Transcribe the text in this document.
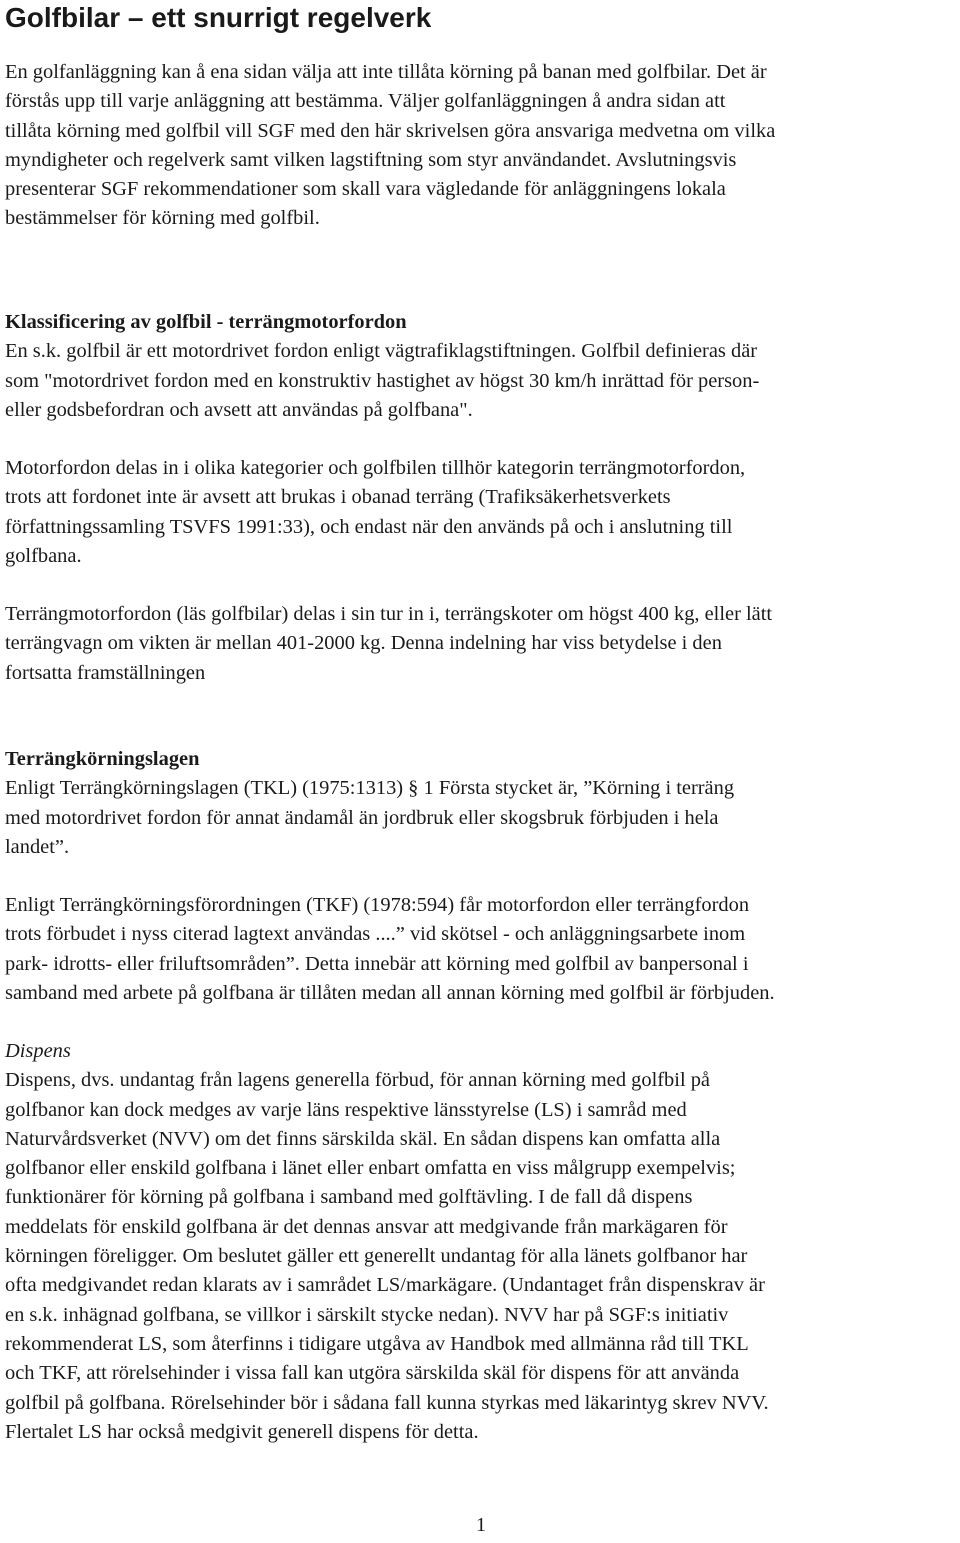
Golfbilar – ett snurrigt regelverk
En golfanläggning kan å ena sidan välja att inte tillåta körning på banan med golfbilar. Det är
förstås upp till varje anläggning att bestämma. Väljer golfanläggningen å andra sidan att
tillåta körning med golfbil vill SGF med den här skrivelsen göra ansvariga medvetna om vilka
myndigheter och regelverk samt vilken lagstiftning som styr användandet. Avslutningsvis
presenterar SGF rekommendationer som skall vara vägledande för anläggningens lokala
bestämmelser för körning med golfbil.
Klassificering av golfbil - terrängmotorfordon
En s.k. golfbil är ett motordrivet fordon enligt vägtrafiklagstiftningen. Golfbil definieras där
som "motordrivet fordon med en konstruktiv hastighet av högst 30 km/h inrättad för person-
eller godsbefordran och avsett att användas på golfbana".
Motorfordon delas in i olika kategorier och golfbilen tillhör kategorin terrängmotorfordon,
trots att fordonet inte är avsett att brukas i obanad terräng (Trafiksäkerhetsverkets
författningssamling TSVFS 1991:33), och endast när den används på och i anslutning till
golfbana.
Terrängmotorfordon (läs golfbilar) delas i sin tur in i, terrängskoter om högst 400 kg, eller lätt
terrängvagn om vikten är mellan 401-2000 kg. Denna indelning har viss betydelse i den
fortsatta framställningen
Terrängkörningslagen
Enligt Terrängkörningslagen (TKL) (1975:1313) § 1 Första stycket är, ”Körning i terräng
med motordrivet fordon för annat ändamål än jordbruk eller skogsbruk förbjuden i hela
landet”.
Enligt Terrängkörningsförordningen (TKF) (1978:594) får motorfordon eller terrängfordon
trots förbudet i nyss citerad lagtext användas ....” vid skötsel - och anläggningsarbete inom
park- idrotts- eller friluftsområden”. Detta innebär att körning med golfbil av banpersonal i
samband med arbete på golfbana är tillåten medan all annan körning med golfbil är förbjuden.
Dispens
Dispens, dvs. undantag från lagens generella förbud, för annan körning med golfbil på
golfbanor kan dock medges av varje läns respektive länsstyrelse (LS) i samråd med
Naturvårdsverket (NVV) om det finns särskilda skäl. En sådan dispens kan omfatta alla
golfbanor eller enskild golfbana i länet eller enbart omfatta en viss målgrupp exempelvis;
funktionärer för körning på golfbana i samband med golftävling. I de fall då dispens
meddelats för enskild golfbana är det dennas ansvar att medgivande från markägaren för
körningen föreligger. Om beslutet gäller ett generellt undantag för alla länets golfbanor har
ofta medgivandet redan klarats av i samrådet LS/markägare. (Undantaget från dispenskrav är
en s.k. inhägnad golfbana, se villkor i särskilt stycke nedan). NVV har på SGF:s initiativ
rekommenderat LS, som återfinns i tidigare utgåva av Handbok med allmänna råd till TKL
och TKF, att rörelsehinder i vissa fall kan utgöra särskilda skäl för dispens för att använda
golfbil på golfbana. Rörelsehinder bör i sådana fall kunna styrkas med läkarintyg skrev NVV.
Flertalet LS har också medgivit generell dispens för detta.
1
